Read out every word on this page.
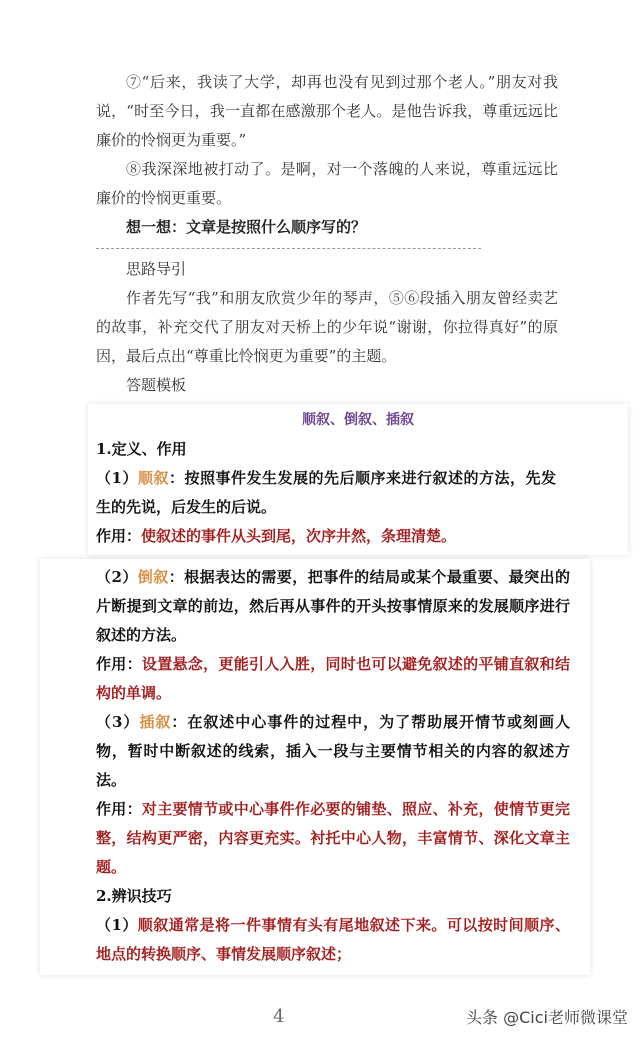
⑦“后来，我读了大学，却再也没有见到过那个老人。”朋友对我说，“时至今日，我一直都在感激那个老人。是他告诉我，尊重远远比廉价的怜悯更为重要。”

⑧我深深地被打动了。是啊，对一个落魄的人来说，尊重远远比廉价的怜悯更重要。

想一想：文章是按照什么顺序写的？

思路导引

作者先写“我”和朋友欣赏少年的琴声，⑤⑥段插入朋友曾经卖艺的故事，补充交代了朋友对天桥上的少年说“谢谢，你拉得真好”的原因，最后点出“尊重比怜悯更为重要”的主题。

答题模板

顺叙、倒叙、插叙

1.定义、作用

（1）顺叙：按照事件发生发展的先后顺序来进行叙述的方法，先发生的先说，后发生的后说。

作用：使叙述的事件从头到尾，次序井然，条理清楚。

（2）倒叙：根据表达的需要，把事件的结局或某个最重要、最突出的片断提到文章的前边，然后再从事件的开头按事情原来的发展顺序进行叙述的方法。

作用：设置悬念，更能引人入胜，同时也可以避免叙述的平铺直叙和结构的单调。

（3）插叙：在叙述中心事件的过程中，为了帮助展开情节或刻画人物，暂时中断叙述的线索，插入一段与主要情节相关的内容的叙述方法。

作用：对主要情节或中心事件作必要的铺垫、照应、补充，使情节更完整，结构更严密，内容更充实。衬托中心人物，丰富情节、深化文章主题。

2.辨识技巧

（1）顺叙通常是将一件事情有头有尾地叙述下来。可以按时间顺序、地点的转换顺序、事情发展顺序叙述；

4	头条 @Cici老师微课堂
